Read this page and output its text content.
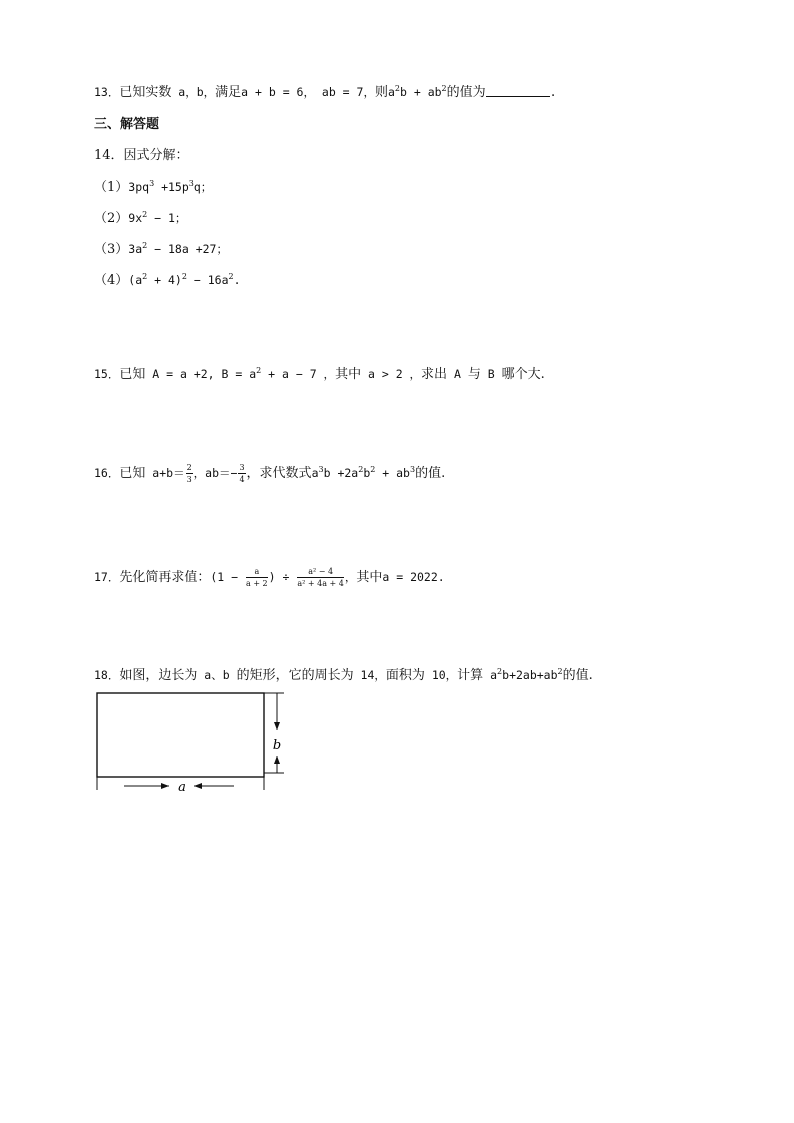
13．已知实数 a，b，满足a + b = 6， ab = 7，则$a^2b + ab^2$的值为	.
三、解答题
14．因式分解：
$(1)3pq^3 +15p^3q$；
$(2)9x^2 - 1$；
$(3)3a^2 - 18a +27$；
$(4)(a^2 + 4)^2 - 16a^2$.
15．已知 A = a +2, $B = a^2 + a - 7$ ，其中 a > 2 ，求出 A 与 B 哪个大.
16．已知 $a+b= \frac{2}{3}$ ，$ab=- \frac{3}{4}$ ，求代数式$a^3b +2a^2b^2 + ab^3$的值.
17．先化简再求值：($1 - \frac{a}{a + 2}$ ) ÷ $\frac{\text{a² − 4}}{\text{a² + 4a + 4}}$ ，其中a = 2022.
18．如图，边长为 a、b 的矩形，它的周长为 14，面积为 10，计算 $a^2b+2ab+ab^2$的值.
a
b
